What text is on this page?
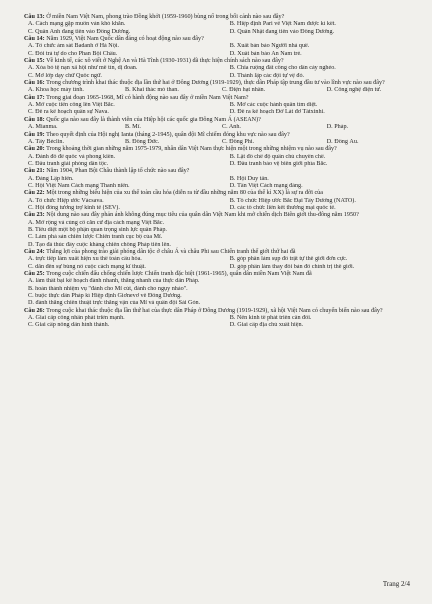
Câu 13: Ở miền Nam Việt Nam, phong trào Đồng khởi (1959-1960) bùng nổ trong bối cảnh nào sau đây?
A. Cách mạng gặp muôn vàn khó khăn.	B. Hiệp định Pari về Việt Nam được kí kết.
C. Quân Anh đang tiến vào Đông Dương.	D. Quân Nhật đang tiến vào Đông Dương.
Câu 14: Năm 1929, Việt Nam Quốc dân đảng có hoạt động nào sau đây?
A. Tổ chức ám sát Badanh ở Hà Nội.	B. Xuất bản báo Người nhà quê.
C. Đòi trả tự do cho Phan Bội Châu.	D. Xuất bản báo An Nam trẻ.
Câu 15: Về kinh tế, các xô viết ở Nghệ An và Hà Tĩnh (1930-1931) đã thực hiện chính sách nào sau đây?
A. Xóa bỏ tệ nạn xã hội như mê tín, dị đoan.	B. Chia ruộng đất công cho dân cày nghèo.
C. Mở lớp dạy chữ Quốc ngữ.	D. Thành lập các đội tự vệ đỏ.
Câu 16: Trong chương trình khai thác thuộc địa lần thứ hai ở Đông Dương (1919-1929), thực dân Pháp tập trung đầu tư vào lĩnh vực nào sau đây?
A. Khoa học máy tính.	B. Khai thác mỏ than.	C. Điện hạt nhân.	D. Công nghệ điện tử.
Câu 17: Trong giai đoạn 1965-1968, Mĩ có hành động nào sau đây ở miền Nam Việt Nam?
A. Mở cuộc tiến công lên Việt Bắc.	B. Mở các cuộc hành quân tìm diệt.
C. Đề ra kế hoạch quân sự Nava.	D. Đề ra kế hoạch Đờ Lát đơ Tátxinhi.
Câu 18: Quốc gia nào sau đây là thành viên của Hiệp hội các quốc gia Đông Nam Á (ASEAN)?
A. Mianma.	B. Mĩ.	C. Anh.	D. Pháp.
Câu 19: Theo quyết định của Hội nghị Ianta (tháng 2-1945), quân đội Mĩ chiếm đóng khu vực nào sau đây?
A. Tây Béclin.	B. Đông Đức.	C. Đông Phi.	D. Đông Âu.
Câu 20: Trong khoảng thời gian những năm 1975-1979, nhân dân Việt Nam thực hiện một trong những nhiệm vụ nào sau đây?
A. Đánh đổ đế quốc và phong kiến.	B. Lật đổ chế độ quân chủ chuyên chế.
C. Đấu tranh giải phóng dân tộc.	D. Đấu tranh bảo vệ biên giới phía Bắc.
Câu 21: Năm 1904, Phan Bội Châu thành lập tổ chức nào sau đây?
A. Đảng Lập hiến.	B. Hội Duy tân.
C. Hội Việt Nam Cách mạng Thanh niên.	D. Tân Việt Cách mạng đảng.
Câu 22: Một trong những biểu hiện của xu thế toàn cầu hóa (diễn ra từ đầu những năm 80 của thế kỉ XX) là sự ra đời của
A. Tổ chức Hiệp ước Vácsava.	B. Tổ chức Hiệp ước Bắc Đại Tây Dương (NATO).
C. Hội đồng tương trợ kinh tế (SEV).	D. các tổ chức liên kết thương mại quốc tế.
Câu 23: Nội dung nào sau đây phản ánh không đúng mục tiêu của quân dân Việt Nam khi mở chiến dịch Biên giới thu-đông năm 1950?
A. Mở rộng và củng cố căn cứ địa cách mạng Việt Bắc.
B. Tiêu diệt một bộ phận quan trọng sinh lực quân Pháp.
C. Làm phá sản chiến lược Chiến tranh cục bộ của Mĩ.
D. Tạo đà thúc đẩy cuộc kháng chiến chống Pháp tiến lên.
Câu 24: Thắng lợi của phong trào giải phóng dân tộc ở châu Á và châu Phi sau Chiến tranh thế giới thứ hai đã
A. trực tiếp làm xuất hiện xu thế toàn cầu hóa.	B. góp phần làm sụp đổ trật tự thế giới đơn cực.
C. dẫn đến sự bùng nổ cuộc cách mạng kĩ thuật.	D. góp phần làm thay đổi bản đồ chính trị thế giới.
Câu 25: Trong cuộc chiến đấu chống chiến lược Chiến tranh đặc biệt (1961-1965), quân dân miền Nam Việt Nam đã
A. làm thất bại kế hoạch đánh nhanh, thắng nhanh của thực dân Pháp.
B. hoàn thành nhiệm vụ "đánh cho Mĩ cút, đánh cho ngụy nhào".
C. buộc thực dân Pháp kí Hiệp định Giơnevơ về Đông Dương.
D. đánh thắng chiến thuật trực thăng vận của Mĩ và quân đội Sài Gòn.
Câu 26: Trong cuộc khai thác thuộc địa lần thứ hai của thực dân Pháp ở Đông Dương (1919-1929), xã hội Việt Nam có chuyển biến nào sau đây?
A. Giai cấp công nhân phát triển mạnh.	B. Nền kinh tế phát triển cân đối.
C. Giai cấp nông dân hình thành.	D. Giai cấp địa chủ xuất hiện.
Trang 2/4
